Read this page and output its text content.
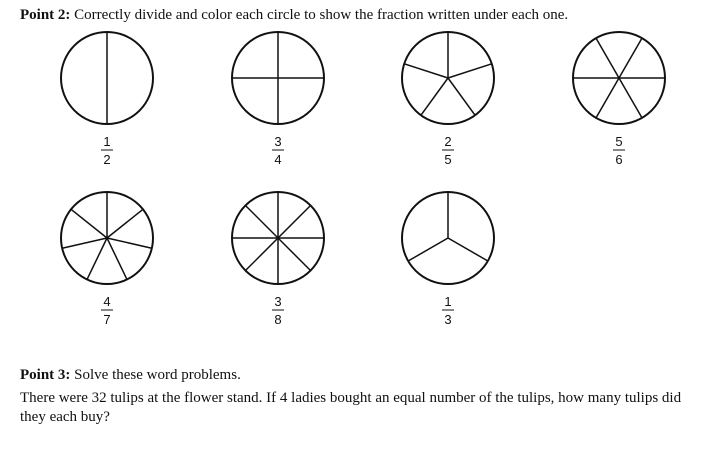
Point 2: Correctly divide and color each circle to show the fraction written under each one.
1
2
3
4
2
5
5
6
4
7
3
8
1
3
Point 3: Solve these word problems.
There were 32 tulips at the flower stand. If 4 ladies bought an equal number of the tulips, how many tulips did they each buy?
